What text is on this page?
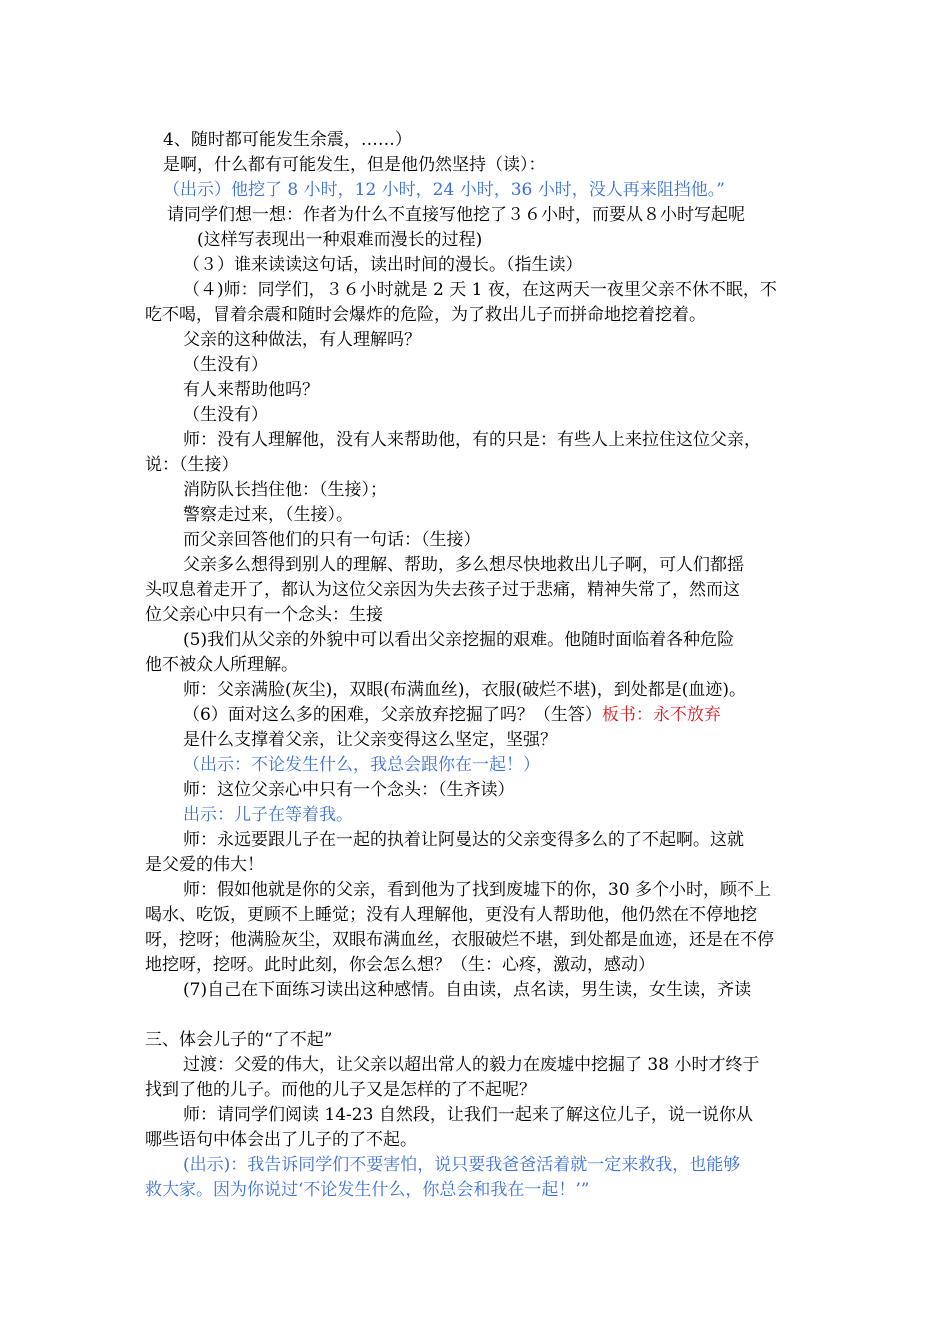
4、随时都可能发生余震，……）
是啊，什么都有可能发生，但是他仍然坚持（读）：
（出示）他挖了 8 小时，12 小时，24 小时，36 小时，没人再来阻挡他。”
请同学们想一想：作者为什么不直接写他挖了３６小时，而要从８小时写起呢
(这样写表现出一种艰难而漫长的过程)
（３）谁来读读这句话，读出时间的漫长。（指生读）
（４)师：同学们，３６小时就是 2 天 1 夜，在这两天一夜里父亲不休不眠，不
吃不喝，冒着余震和随时会爆炸的危险，为了救出儿子而拼命地挖着挖着。
父亲的这种做法，有人理解吗？
（生没有）
有人来帮助他吗？
（生没有）
师：没有人理解他，没有人来帮助他，有的只是：有些人上来拉住这位父亲，
说：（生接）
消防队长挡住他：（生接）；
警察走过来，（生接）。
而父亲回答他们的只有一句话：（生接）
父亲多么想得到别人的理解、帮助，多么想尽快地救出儿子啊，可人们都摇
头叹息着走开了，都认为这位父亲因为失去孩子过于悲痛，精神失常了，然而这
位父亲心中只有一个念头：生接
(5)我们从父亲的外貌中可以看出父亲挖掘的艰难。他随时面临着各种危险
他不被众人所理解。
师：父亲满脸(灰尘)，双眼(布满血丝)，衣服(破烂不堪)，到处都是(血迹)。
（6）面对这么多的困难，父亲放弃挖掘了吗？（生答）板书：永不放弃
是什么支撑着父亲，让父亲变得这么坚定，坚强？
（出示：不论发生什么，我总会跟你在一起！）
师：这位父亲心中只有一个念头：（生齐读）
出示：儿子在等着我。
师：永远要跟儿子在一起的执着让阿曼达的父亲变得多么的了不起啊。这就
是父爱的伟大！
师：假如他就是你的父亲，看到他为了找到废墟下的你，30 多个小时，顾不上
喝水、吃饭，更顾不上睡觉；没有人理解他，更没有人帮助他，他仍然在不停地挖
呀，挖呀；他满脸灰尘，双眼布满血丝，衣服破烂不堪，到处都是血迹，还是在不停
地挖呀，挖呀。此时此刻，你会怎么想？（生：心疼，激动，感动）
(7)自己在下面练习读出这种感情。自由读，点名读，男生读，女生读，齐读
三、体会儿子的“了不起”
过渡：父爱的伟大，让父亲以超出常人的毅力在废墟中挖掘了 38 小时才终于
找到了他的儿子。而他的儿子又是怎样的了不起呢？
师：请同学们阅读 14-23 自然段，让我们一起来了解这位儿子，说一说你从
哪些语句中体会出了儿子的了不起。
(出示)：我告诉同学们不要害怕，说只要我爸爸活着就一定来救我，也能够
救大家。因为你说过‘不论发生什么，你总会和我在一起！’”
